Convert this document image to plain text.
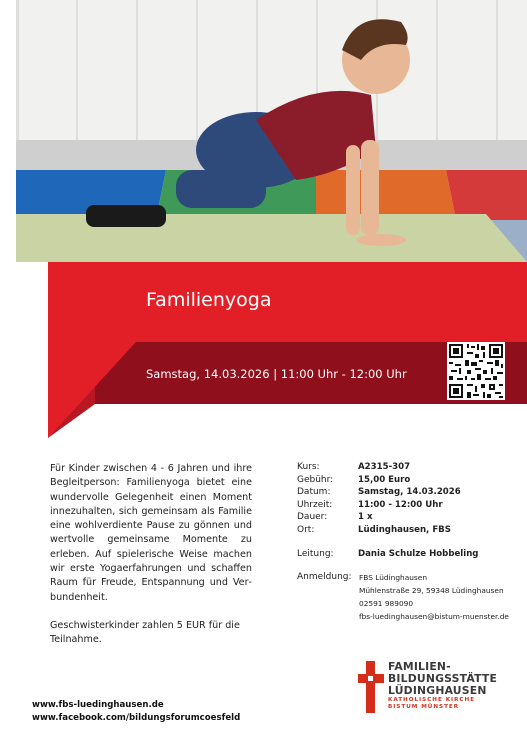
Familienyoga
Samstag, 14.03.2026 | 11:00 Uhr - 12:00 Uhr

Für Kinder zwischen 4 - 6 Jahren und ihre Begleitperson: Familienyoga bietet eine wundervolle Gelegenheit einen Moment innezuhalten, sich gemeinsam als Familie eine wohlverdiente Pause zu gönnen und wertvolle gemeinsame Momente zu erleben. Auf spielerische Weise machen wir erste Yogaerfahrungen und schaffen Raum für Freude, Entspannung und Verbundenheit.

Geschwisterkinder zahlen 5 EUR für die Teilnahme.

Kurs:	A2315-307
Gebühr:	15,00 Euro
Datum:	Samstag, 14.03.2026
Uhrzeit:	11:00 - 12:00 Uhr
Dauer:	1 x
Ort:	Lüdinghausen, FBS
Leitung:	Dania Schulze Hobbeling
Anmeldung: FBS Lüdinghausen
Mühlenstraße 29, 59348 Lüdinghausen
02591 989090
fbs-luedinghausen@bistum-muenster.de
FAMILIEN-
BILDUNGSSTÄTTE
LÜDINGHAUSEN
KATHOLISCHE KIRCHE
BISTUM MÜNSTER
www.fbs-luedinghausen.de
www.facebook.com/bildungsforumcoesfeld
